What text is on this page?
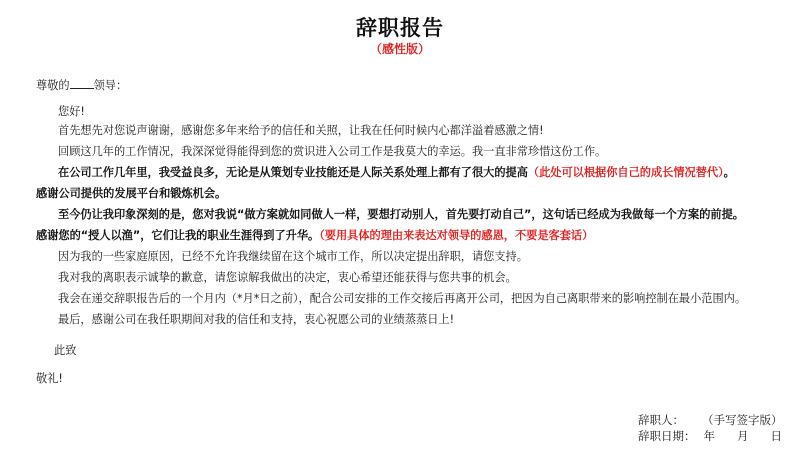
辞职报告
（感性版）
尊敬的 领导：
您好!
首先想先对您说声谢谢，感谢您多年来给予的信任和关照，让我在任何时候内心都洋溢着感激之情!
回顾这几年的工作情况，我深深觉得能得到您的赏识进入公司工作是我莫大的幸运。我一直非常珍惜这份工作。
在公司工作几年里，我受益良多，无论是从策划专业技能还是人际关系处理上都有了很大的提高（此处可以根据你自己的成长情况替代）。
感谢公司提供的发展平台和锻炼机会。
至今仍让我印象深刻的是，您对我说“做方案就如同做人一样，要想打动别人，首先要打动自己”，这句话已经成为我做每一个方案的前提。
感谢您的“授人以渔”，它们让我的职业生涯得到了升华。（要用具体的理由来表达对领导的感恩，不要是客套话）
因为我的一些家庭原因，已经不允许我继续留在这个城市工作，所以决定提出辞职，请您支持。
我对我的离职表示诚挚的歉意，请您谅解我做出的决定，衷心希望还能获得与您共事的机会。
我会在递交辞职报告后的一个月内（*月*日之前），配合公司安排的工作交接后再离开公司，把因为自己离职带来的影响控制在最小范围内。
最后，感谢公司在我任职期间对我的信任和支持，衷心祝愿公司的业绩蒸蒸日上!
此致
敬礼!
辞职人： （手写签字版）
辞职日期： 年 月 日
